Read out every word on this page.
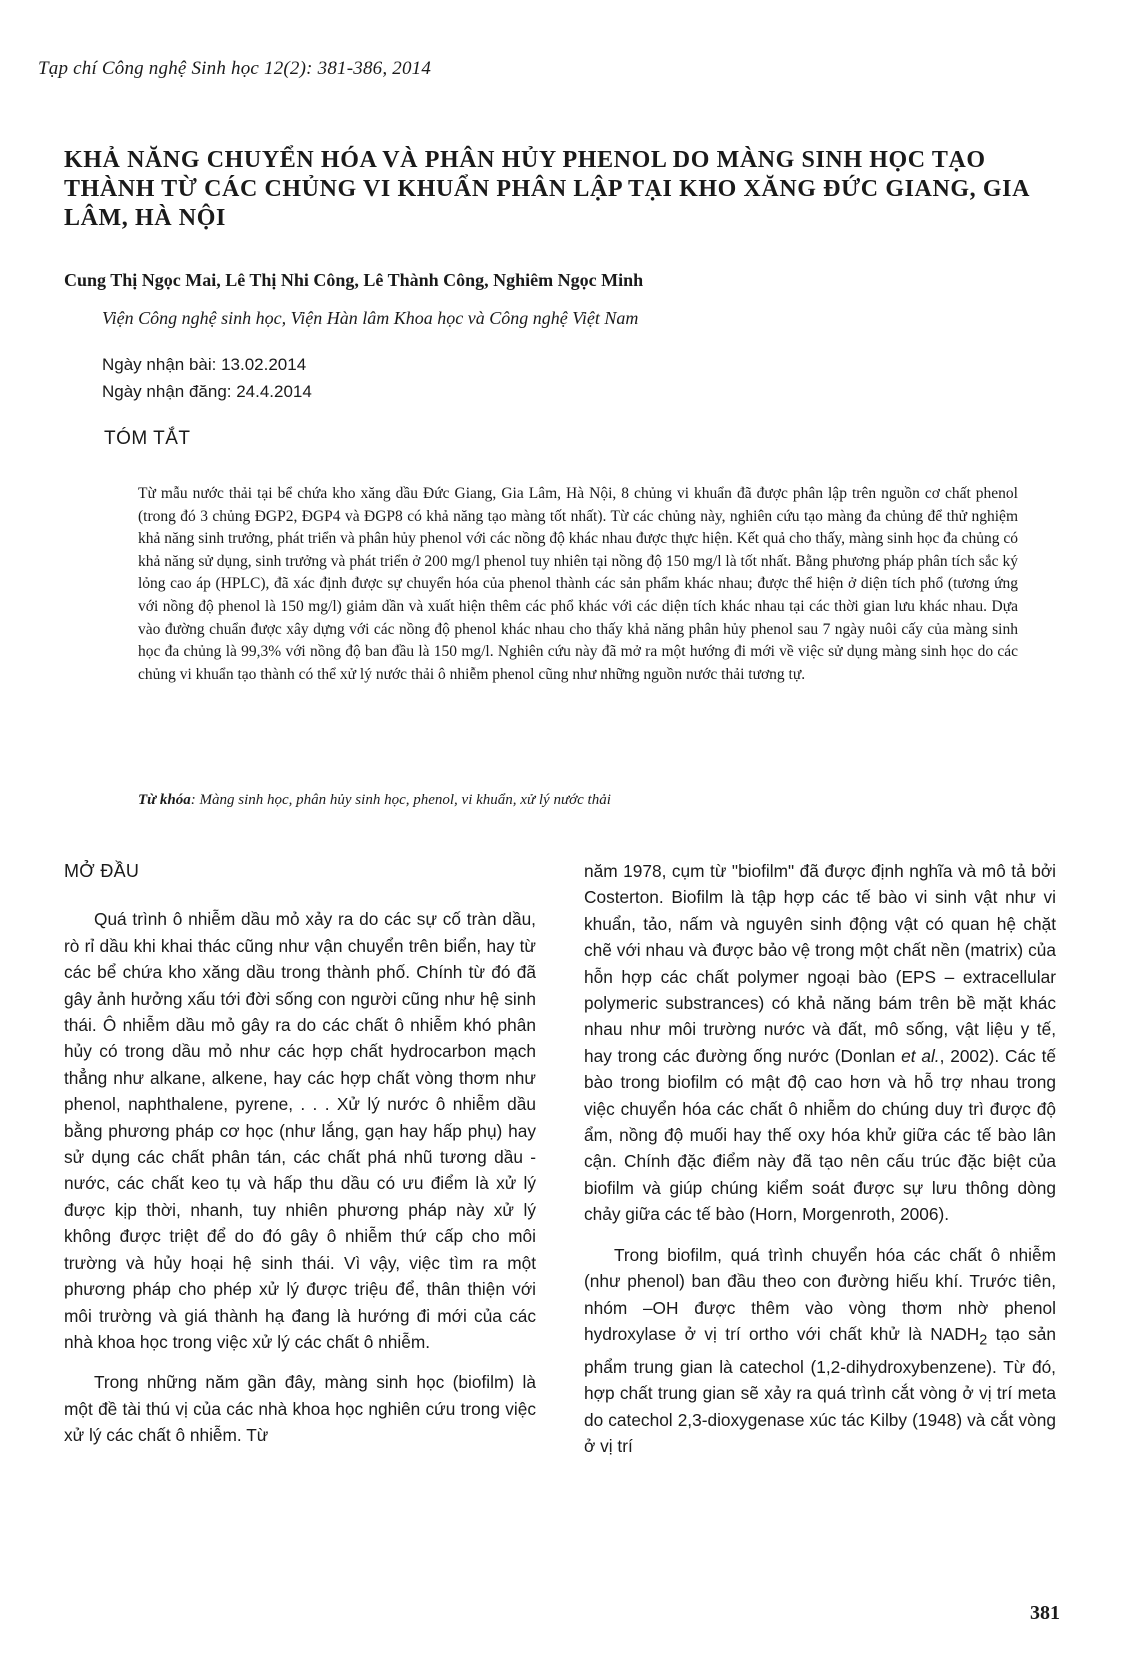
Tạp chí Công nghệ Sinh học 12(2): 381-386, 2014
KHẢ NĂNG CHUYỂN HÓA VÀ PHÂN HỦY PHENOL DO MÀNG SINH HỌC TẠO THÀNH TỪ CÁC CHỦNG VI KHUẨN PHÂN LẬP TẠI KHO XĂNG ĐỨC GIANG, GIA LÂM, HÀ NỘI
Cung Thị Ngọc Mai, Lê Thị Nhi Công, Lê Thành Công, Nghiêm Ngọc Minh
Viện Công nghệ sinh học, Viện Hàn lâm Khoa học và Công nghệ Việt Nam
Ngày nhận bài: 13.02.2014
Ngày nhận đăng: 24.4.2014
TÓM TẮT

Từ mẫu nước thải tại bể chứa kho xăng dầu Đức Giang, Gia Lâm, Hà Nội, 8 chủng vi khuẩn đã được phân lập trên nguồn cơ chất phenol (trong đó 3 chủng ĐGP2, ĐGP4 và ĐGP8 có khả năng tạo màng tốt nhất). Từ các chủng này, nghiên cứu tạo màng đa chủng để thử nghiệm khả năng sinh trưởng, phát triển và phân hủy phenol với các nồng độ khác nhau được thực hiện. Kết quả cho thấy, màng sinh học đa chủng có khả năng sử dụng, sinh trưởng và phát triển ở 200 mg/l phenol tuy nhiên tại nồng độ 150 mg/l là tốt nhất. Bằng phương pháp phân tích sắc ký lỏng cao áp (HPLC), đã xác định được sự chuyển hóa của phenol thành các sản phẩm khác nhau; được thể hiện ở diện tích phổ (tương ứng với nồng độ phenol là 150 mg/l) giảm dần và xuất hiện thêm các phổ khác với các diện tích khác nhau tại các thời gian lưu khác nhau. Dựa vào đường chuẩn được xây dựng với các nồng độ phenol khác nhau cho thấy khả năng phân hủy phenol sau 7 ngày nuôi cấy của màng sinh học đa chủng là 99,3% với nồng độ ban đầu là 150 mg/l. Nghiên cứu này đã mở ra một hướng đi mới về việc sử dụng màng sinh học do các chủng vi khuẩn tạo thành có thể xử lý nước thải ô nhiễm phenol cũng như những nguồn nước thải tương tự.

Từ khóa: Màng sinh học, phân hủy sinh học, phenol, vi khuẩn, xử lý nước thải
MỞ ĐẦU

Quá trình ô nhiễm dầu mỏ xảy ra do các sự cố tràn dầu, rò rỉ dầu khi khai thác cũng như vận chuyển trên biển, hay từ các bể chứa kho xăng dầu trong thành phố. Chính từ đó đã gây ảnh hưởng xấu tới đời sống con người cũng như hệ sinh thái. Ô nhiễm dầu mỏ gây ra do các chất ô nhiễm khó phân hủy có trong dầu mỏ như các hợp chất hydrocarbon mạch thẳng như alkane, alkene, hay các hợp chất vòng thơm như phenol, naphthalene, pyrene, . . . Xử lý nước ô nhiễm dầu bằng phương pháp cơ học (như lắng, gạn hay hấp phụ) hay sử dụng các chất phân tán, các chất phá nhũ tương dầu - nước, các chất keo tụ và hấp thu dầu có ưu điểm là xử lý được kịp thời, nhanh, tuy nhiên phương pháp này xử lý không được triệt để do đó gây ô nhiễm thứ cấp cho môi trường và hủy hoại hệ sinh thái. Vì vậy, việc tìm ra một phương pháp cho phép xử lý được triệu để, thân thiện với môi trường và giá thành hạ đang là hướng đi mới của các nhà khoa học trong việc xử lý các chất ô nhiễm.

Trong những năm gần đây, màng sinh học (biofilm) là một đề tài thú vị của các nhà khoa học nghiên cứu trong việc xử lý các chất ô nhiễm. Từ

năm 1978, cụm từ "biofilm" đã được định nghĩa và mô tả bởi Costerton. Biofilm là tập hợp các tế bào vi sinh vật như vi khuẩn, tảo, nấm và nguyên sinh động vật có quan hệ chặt chẽ với nhau và được bảo vệ trong một chất nền (matrix) của hỗn hợp các chất polymer ngoại bào (EPS – extracellular polymeric substrances) có khả năng bám trên bề mặt khác nhau như môi trường nước và đất, mô sống, vật liệu y tế, hay trong các đường ống nước (Donlan et al., 2002). Các tế bào trong biofilm có mật độ cao hơn và hỗ trợ nhau trong việc chuyển hóa các chất ô nhiễm do chúng duy trì được độ ẩm, nồng độ muối hay thế oxy hóa khử giữa các tế bào lân cận. Chính đặc điểm này đã tạo nên cấu trúc đặc biệt của biofilm và giúp chúng kiểm soát được sự lưu thông dòng chảy giữa các tế bào (Horn, Morgenroth, 2006).

Trong biofilm, quá trình chuyển hóa các chất ô nhiễm (như phenol) ban đầu theo con đường hiếu khí. Trước tiên, nhóm –OH được thêm vào vòng thơm nhờ phenol hydroxylase ở vị trí ortho với chất khử là $NADH_2$ tạo sản phẩm trung gian là catechol (1,2-dihydroxybenzene). Từ đó, hợp chất trung gian sẽ xảy ra quá trình cắt vòng ở vị trí meta do catechol 2,3-dioxygenase xúc tác Kilby (1948) và cắt vòng ở vị trí

381
